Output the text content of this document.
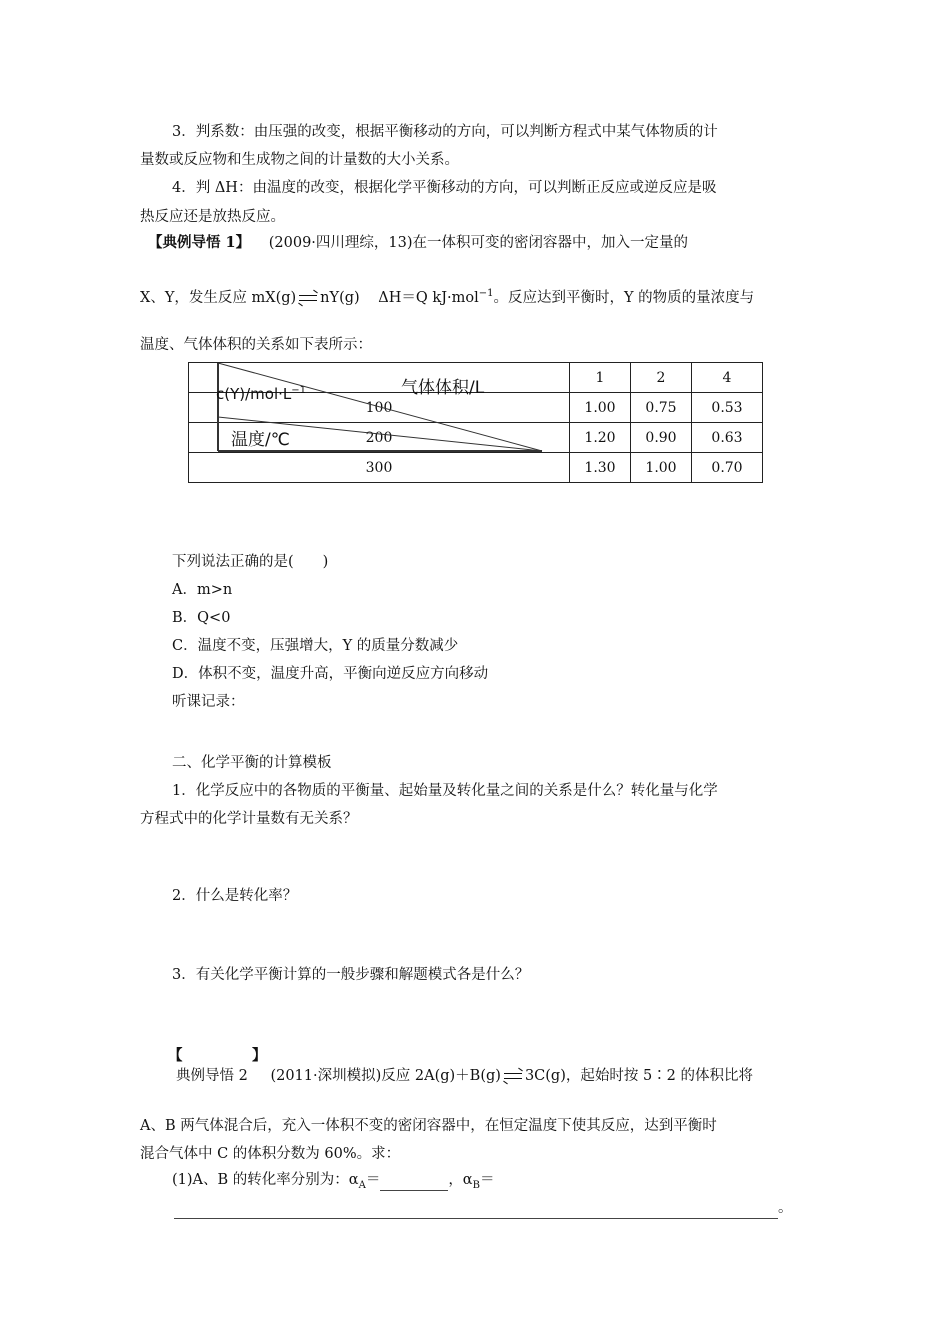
3．判系数：由压强的改变，根据平衡移动的方向，可以判断方程式中某气体物质的计
量数或反应物和生成物之间的计量数的大小关系。
4．判 ΔH：由温度的改变，根据化学平衡移动的方向，可以判断正反应或逆反应是吸
热反应还是放热反应。
【典例导悟 1】 (2009·四川理综，13)在一体积可变的密闭容器中，加入一定量的
X、Y，发生反应 mX(g) nY(g) ΔH＝Q kJ·mol$^{-1}$。反应达到平衡时，Y 的物质的量浓度与
温度、气体体积的关系如下表所示：
气体体积/L
$c(Y)/mol\cdot L^{-1}$
温度/℃	1	2	4
100	1.00	0.75	0.53
200	1.20	0.90	0.63
300	1.30	1.00	0.70
下列说法正确的是(　　)
A．m>n
B．Q<0
C．温度不变，压强增大，Y 的质量分数减少
D．体积不变，温度升高，平衡向逆反应方向移动
听课记录：
二、化学平衡的计算模板
1．化学反应中的各物质的平衡量、起始量及转化量之间的关系是什么？转化量与化学
方程式中的化学计量数有无关系？
2．什么是转化率？
3．有关化学平衡计算的一般步骤和解题模式各是什么？
【	】
典例导悟 2 (2011·深圳模拟)反应 2A(g)＋B(g) 3C(g)，起始时按 5∶2 的体积比将
A、B 两气体混合后，充入一体积不变的密闭容器中，在恒定温度下使其反应，达到平衡时
混合气体中 C 的体积分数为 60%。求：
(1)A、B 的转化率分别为：$\alpha_A=$	，$\alpha_B=$
。
